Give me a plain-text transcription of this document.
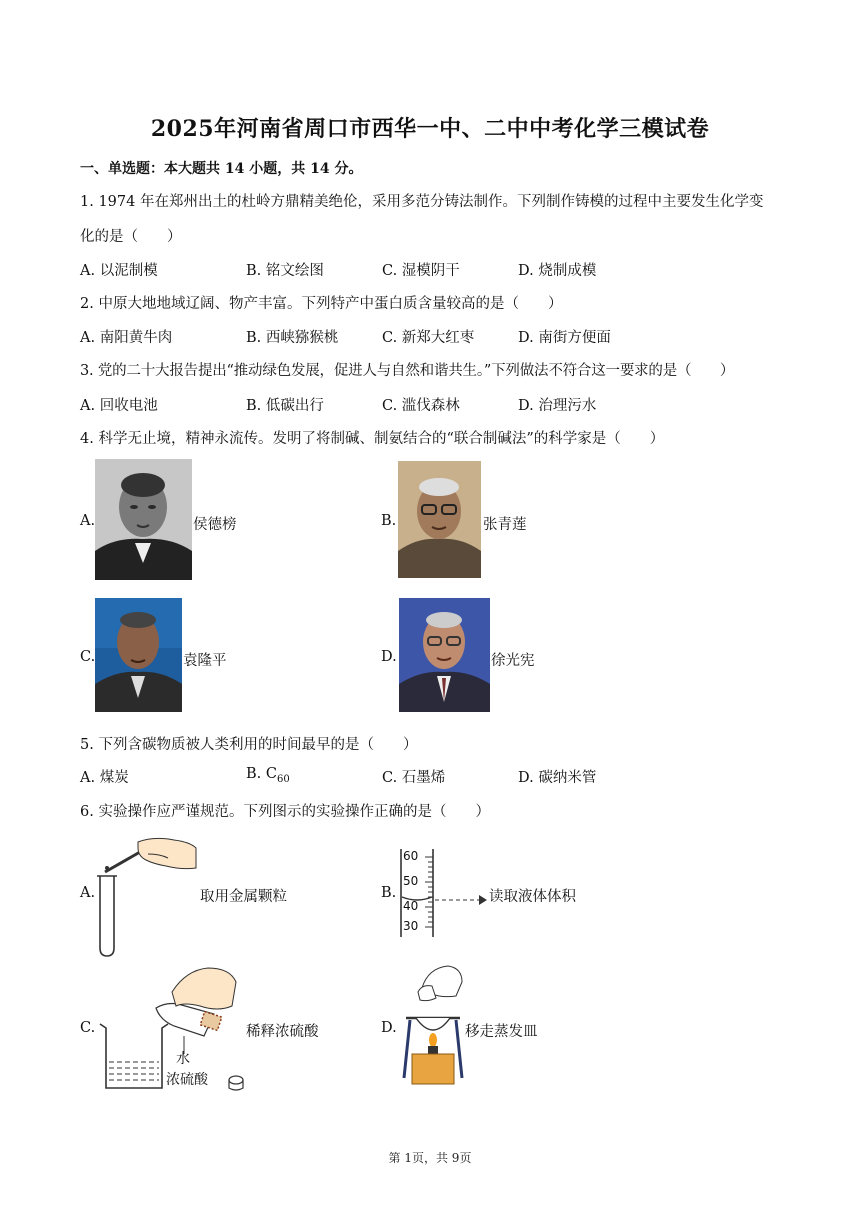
2025年河南省周口市西华一中、二中中考化学三模试卷
一、单选题：本大题共 14 小题，共 14 分。
1. 1974 年在郑州出土的杜岭方鼎精美绝伦，采用多范分铸法制作。下列制作铸模的过程中主要发生化学变
化的是（　　）
A. 以泥制模	B. 铭文绘图	C. 湿模阴干	D. 烧制成模
2. 中原大地地域辽阔、物产丰富。下列特产中蛋白质含量较高的是（　　）
A. 南阳黄牛肉	B. 西峡猕猴桃	C. 新郑大红枣	D. 南街方便面
3. 党的二十大报告提出“推动绿色发展，促进人与自然和谐共生。”下列做法不符合这一要求的是（　　）
A. 回收电池	B. 低碳出行	C. 滥伐森林	D. 治理污水
4. 科学无止境，精神永流传。发明了将制碱、制氨结合的“联合制碱法”的科学家是（　　）
A.	侯德榜	B.	张青莲
C.	袁隆平	D.	徐光宪
5. 下列含碳物质被人类利用的时间最早的是（　　）
A. 煤炭	B. $C_{60}$	C. 石墨烯	D. 碳纳米管
6. 实验操作应严谨规范。下列图示的实验操作正确的是（　　）
A.	取用金属颗粒	B.
60
50
40
30
读取液体体积
C.
水
浓硫酸
稀释浓硫酸	D.	移走蒸发皿
第 1页，共 9页
